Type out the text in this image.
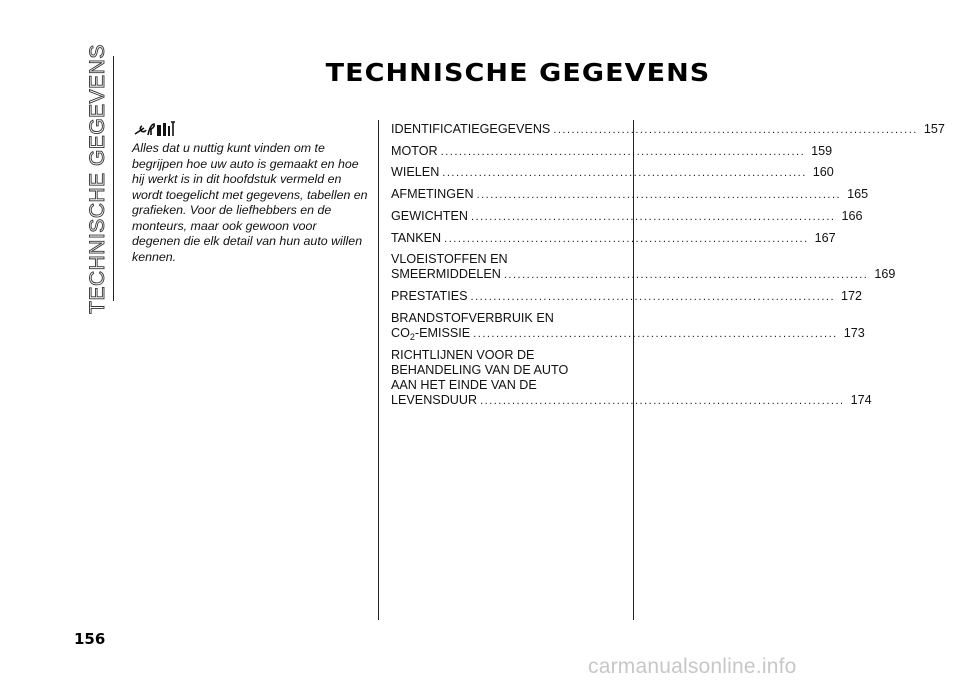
TECHNISCHE GEGEVENS	TECHNISCHE GEGEVENS
Alles dat u nuttig kunt vinden om te begrijpen hoe uw auto is gemaakt en hoe hij werkt is in dit hoofdstuk vermeld en wordt toegelicht met gegevens, tabellen en grafieken. Voor de liefhebbers en de monteurs, maar ook gewoon voor degenen die elk detail van hun auto willen kennen.
IDENTIFICATIEGEGEVENS ................................................................................ 157
MOTOR ................................................................................ 159
WIELEN ................................................................................ 160
AFMETINGEN ................................................................................ 165
GEWICHTEN ................................................................................ 166
TANKEN ................................................................................ 167
VLOEISTOFFEN EN
SMEERMIDDELEN ................................................................................ 169
PRESTATIES ................................................................................ 172
BRANDSTOFVERBRUIK EN
$CO_2$-EMISSIE ................................................................................ 173
RICHTLIJNEN VOOR DE
BEHANDELING VAN DE AUTO
AAN HET EINDE VAN DE
LEVENSDUUR ................................................................................ 174
156
carmanualsonline.info
